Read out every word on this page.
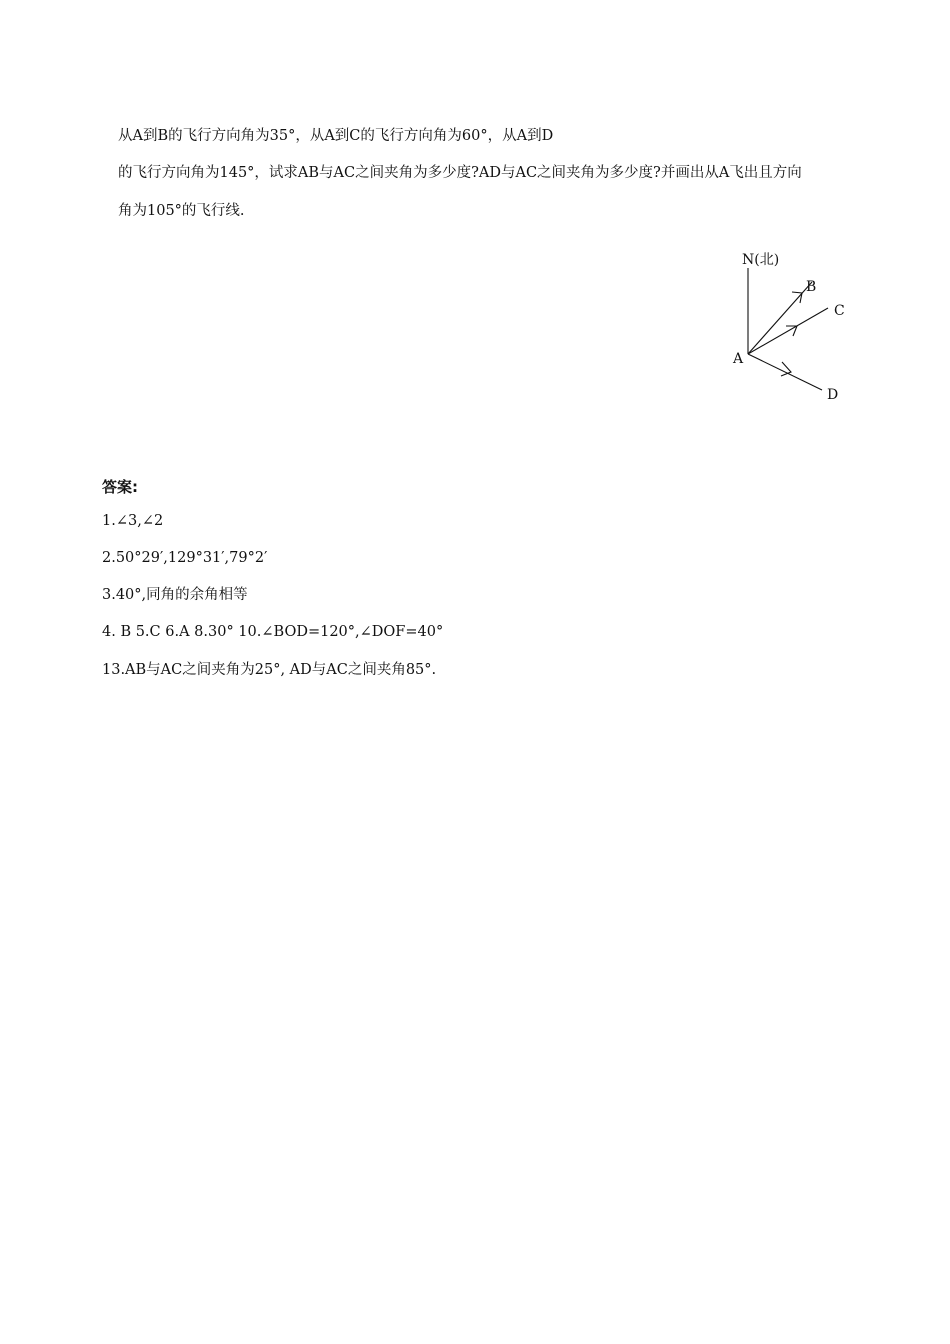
从A到B的飞行方向角为35°，从A到C的飞行方向角为60°，从A到D
的飞行方向角为145°，试求AB与AC之间夹角为多少度?AD与AC之间夹角为多少度?并画出从A飞出且方向
角为105°的飞行线.
N(北)
A
B
C
D
答案:
1.∠3,∠2
2.50°29′,129°31′,79°2′
3.40°,同角的余角相等
4. B 5.C 6.A 8.30° 10.∠BOD=120°,∠DOF=40°
13.AB与AC之间夹角为25°, AD与AC之间夹角85°.
